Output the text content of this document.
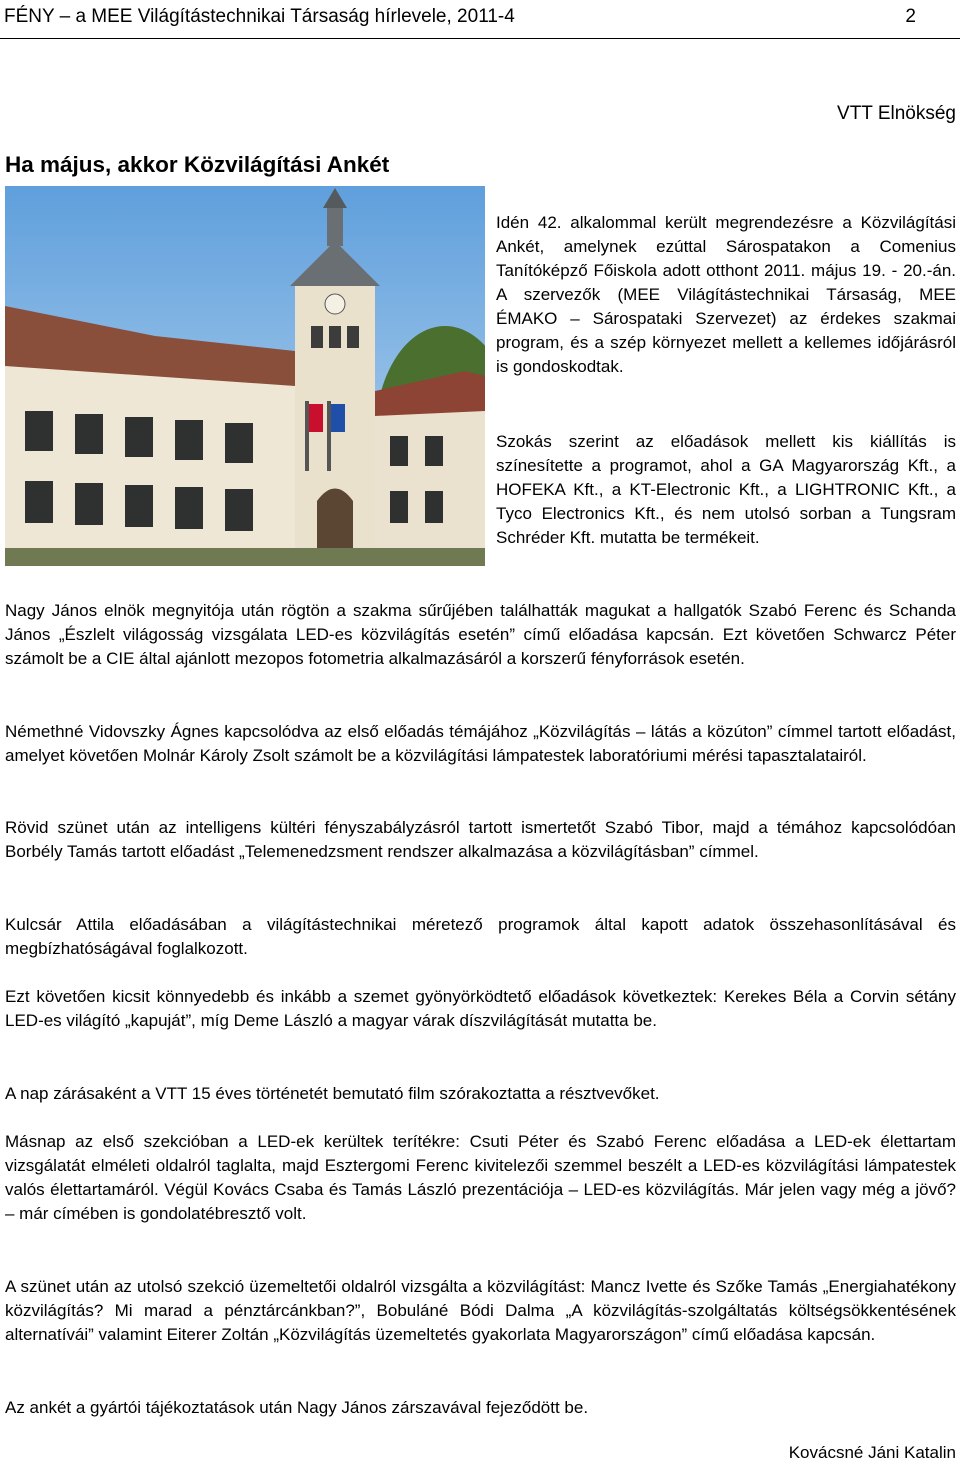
FÉNY – a MEE Világítástechnikai Társaság hírlevele, 2011-4	2
VTT Elnökség
Ha május, akkor Közvilágítási Ankét

Idén 42. alkalommal került megrendezésre a Közvilágítási Ankét, amelynek ezúttal Sárospatakon a Comenius Tanítóképző Főiskola adott otthont 2011. május 19. - 20.-án. A szervezők (MEE Világítástechnikai Társaság, MEE ÉMAKO – Sárospataki Szervezet) az érdekes szakmai program, és a szép környezet mellett a kellemes időjárásról is gondoskodtak.

Szokás szerint az előadások mellett kis kiállítás is színesítette a programot, ahol a GA Magyarország Kft., a HOFEKA Kft., a KT-Electronic Kft., a LIGHTRONIC Kft., a Tyco Electronics Kft., és nem utolsó sorban a Tungsram Schréder Kft. mutatta be termékeit.

Nagy János elnök megnyitója után rögtön a szakma sűrűjében találhatták magukat a hallgatók Szabó Ferenc és Schanda János „Észlelt világosság vizsgálata LED-es közvilágítás esetén” című előadása kapcsán. Ezt követően Schwarcz Péter számolt be a CIE által ajánlott mezopos fotometria alkalmazásáról a korszerű fényforrások esetén.

Némethné Vidovszky Ágnes kapcsolódva az első előadás témájához „Közvilágítás – látás a közúton” címmel tartott előadást, amelyet követően Molnár Károly Zsolt számolt be a közvilágítási lámpatestek laboratóriumi mérési tapasztalatairól.

Rövid szünet után az intelligens kültéri fényszabályzásról tartott ismertetőt Szabó Tibor, majd a témához kapcsolódóan Borbély Tamás tartott előadást „Telemenedzsment rendszer alkalmazása a közvilágításban” címmel.

Kulcsár Attila előadásában a világítástechnikai méretező programok által kapott adatok összehasonlításával és megbízhatóságával foglalkozott.

Ezt követően kicsit könnyedebb és inkább a szemet gyönyörködtető előadások következtek: Kerekes Béla a Corvin sétány LED-es világító „kapuját”, míg Deme László a magyar várak díszvilágítását mutatta be.

A nap zárásaként a VTT 15 éves történetét bemutató film szórakoztatta a résztvevőket.

Másnap az első szekcióban a LED-ek kerültek terítékre: Csuti Péter és Szabó Ferenc előadása a LED-ek élettartam vizsgálatát elméleti oldalról taglalta, majd Esztergomi Ferenc kivitelezői szemmel beszélt a LED-es közvilágítási lámpatestek valós élettartamáról. Végül Kovács Csaba és Tamás László prezentációja – LED-es közvilágítás. Már jelen vagy még a jövő? – már címében is gondolatébresztő volt.

A szünet után az utolsó szekció üzemeltetői oldalról vizsgálta a közvilágítást: Mancz Ivette és Szőke Tamás „Energiahatékony közvilágítás? Mi marad a pénztárcánkban?”, Bobuláné Bódi Dalma „A közvilágítás-szolgáltatás költségsökkentésének alternatívái” valamint Eiterer Zoltán „Közvilágítás üzemeltetés gyakorlata Magyarországon” című előadása kapcsán.

Az ankét a gyártói tájékoztatások után Nagy János zárszavával fejeződött be.

Kovácsné Jáni Katalin
